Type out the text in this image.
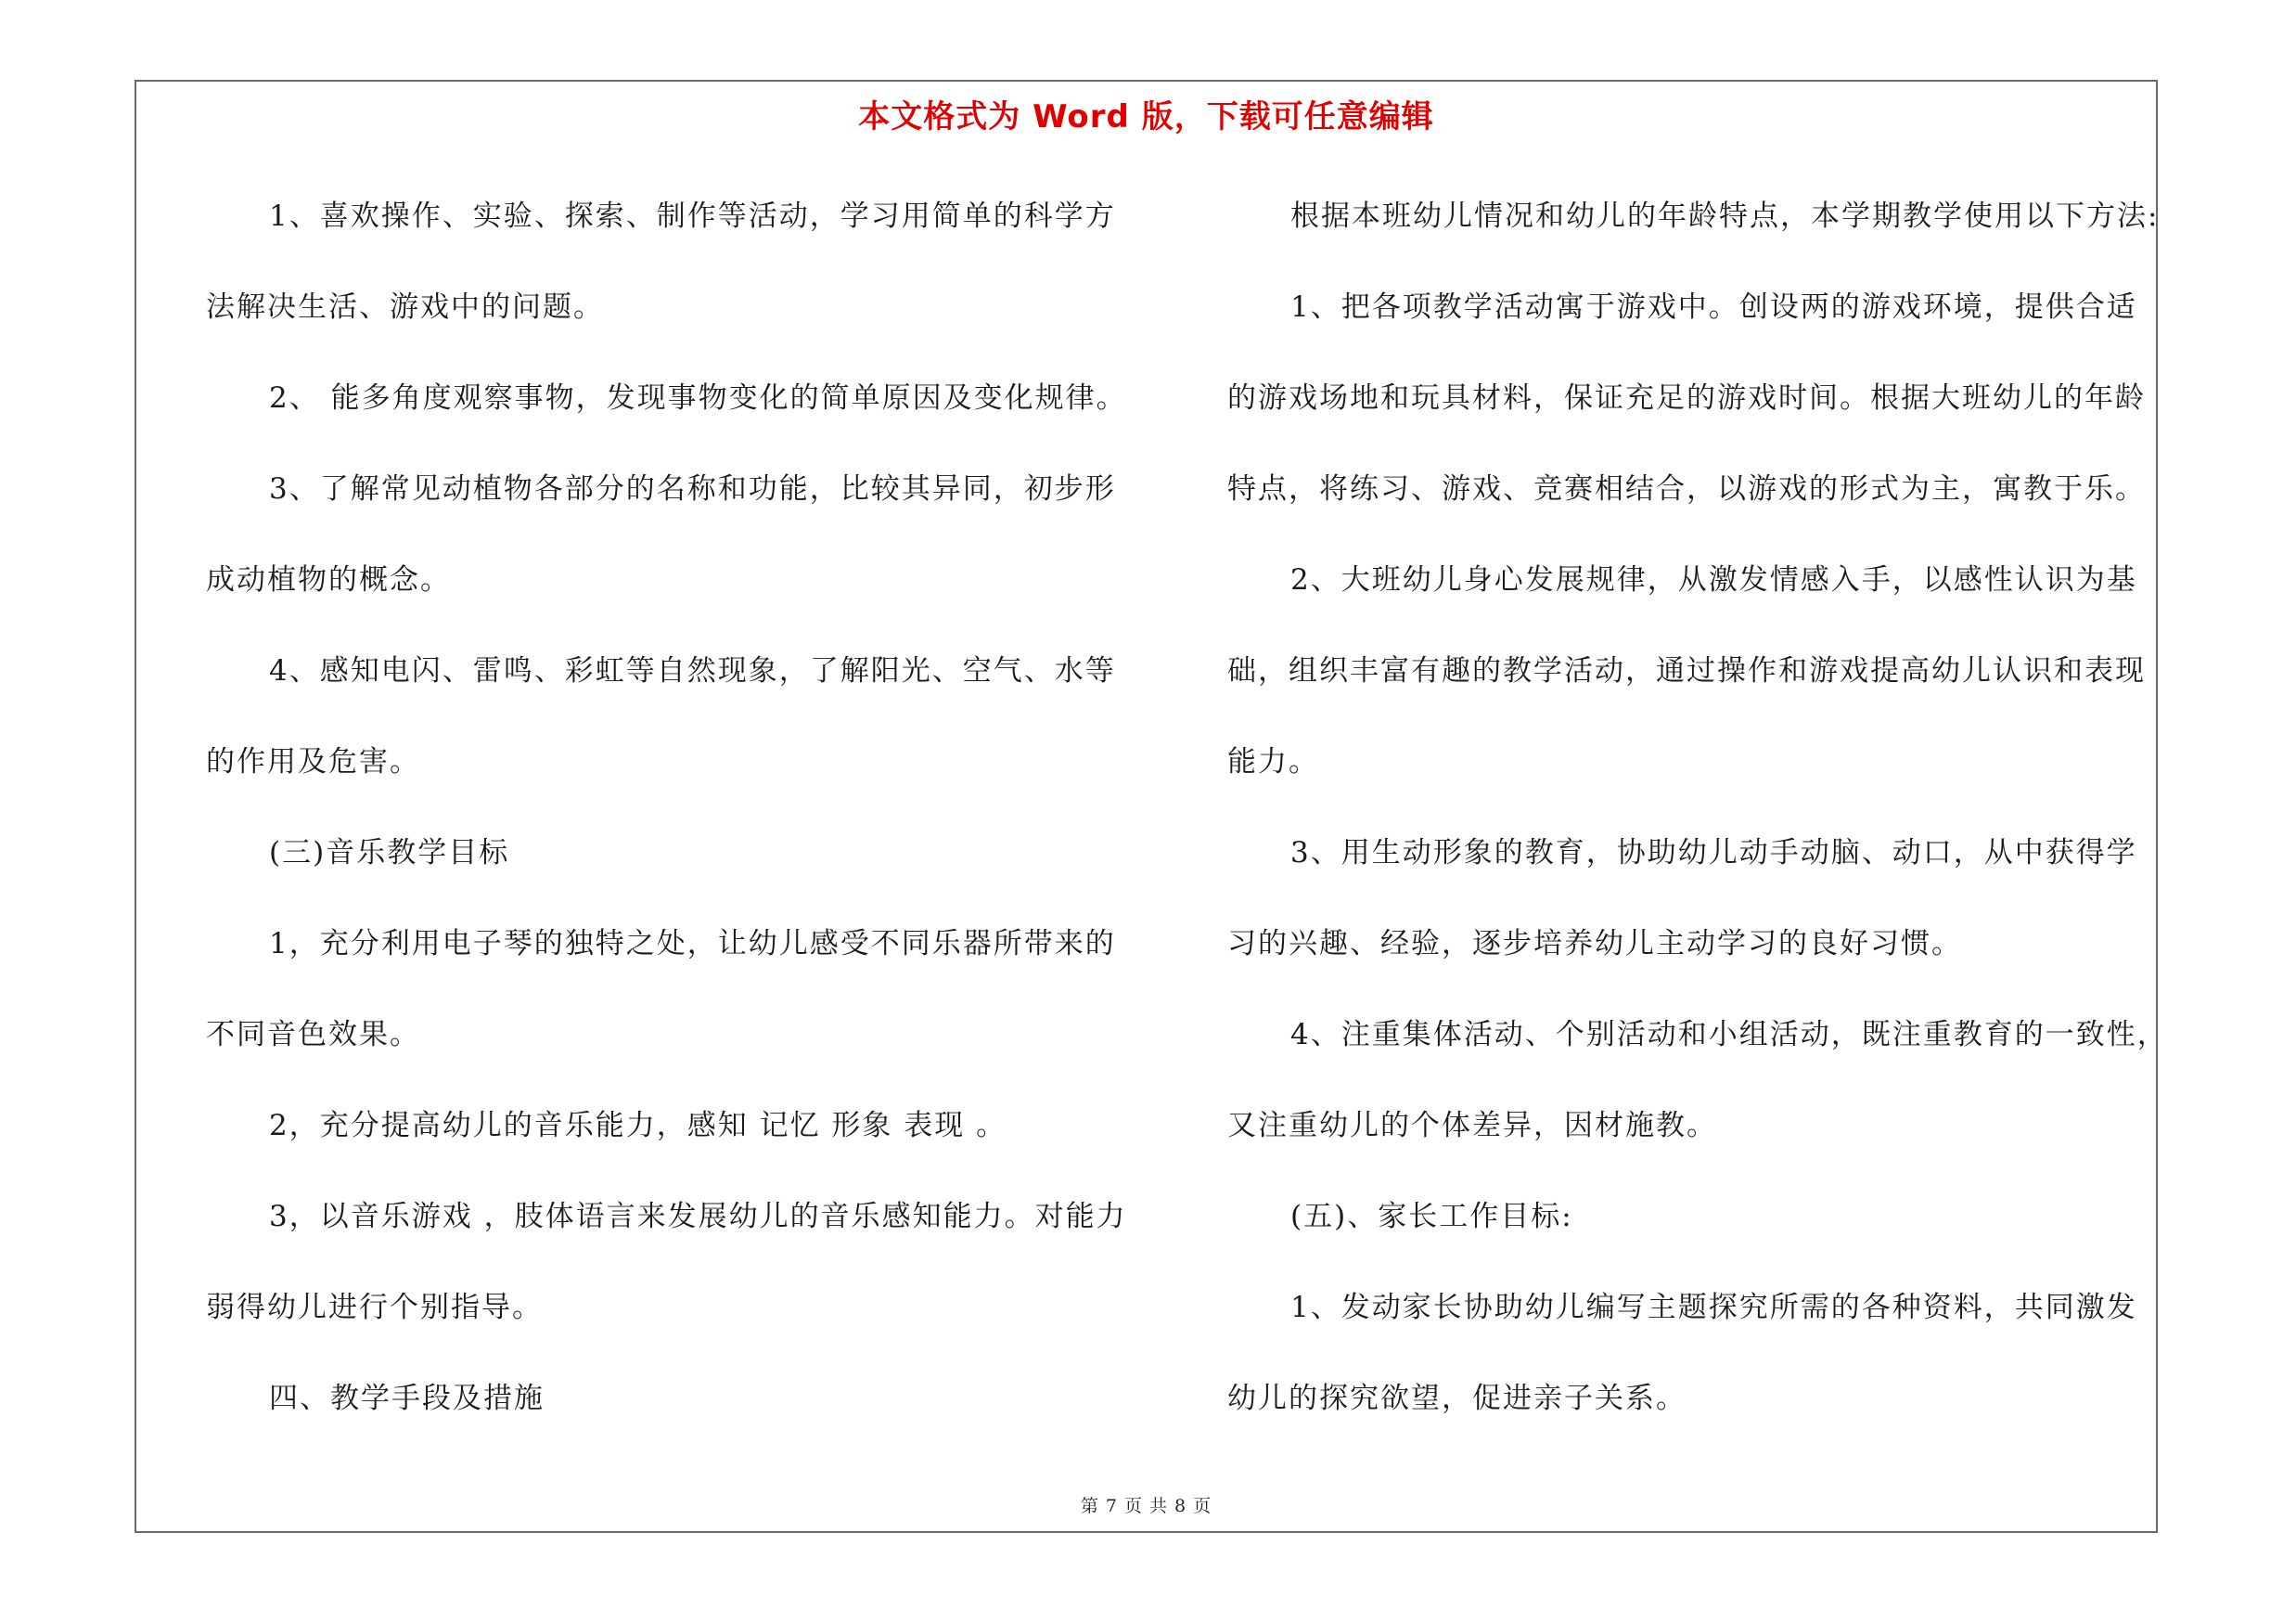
本文格式为 Word 版，下载可任意编辑

1、喜欢操作、实验、探索、制作等活动，学习用简单的科学方

法解决生活、游戏中的问题。

2、 能多角度观察事物，发现事物变化的简单原因及变化规律。

3、了解常见动植物各部分的名称和功能，比较其异同，初步形

成动植物的概念。

4、感知电闪、雷鸣、彩虹等自然现象，了解阳光、空气、水等

的作用及危害。

(三)音乐教学目标

1，充分利用电子琴的独特之处，让幼儿感受不同乐器所带来的

不同音色效果。

2，充分提高幼儿的音乐能力，感知 记忆 形象 表现 。

3，以音乐游戏 ，肢体语言来发展幼儿的音乐感知能力。对能力

弱得幼儿进行个别指导。

四、教学手段及措施

根据本班幼儿情况和幼儿的年龄特点，本学期教学使用以下方法:

1、把各项教学活动寓于游戏中。创设两的游戏环境，提供合适

的游戏场地和玩具材料，保证充足的游戏时间。根据大班幼儿的年龄

特点，将练习、游戏、竞赛相结合，以游戏的形式为主，寓教于乐。

2、大班幼儿身心发展规律，从激发情感入手，以感性认识为基

础，组织丰富有趣的教学活动，通过操作和游戏提高幼儿认识和表现

能力。

3、用生动形象的教育，协助幼儿动手动脑、动口，从中获得学

习的兴趣、经验，逐步培养幼儿主动学习的良好习惯。

4、注重集体活动、个别活动和小组活动，既注重教育的一致性，

又注重幼儿的个体差异，因材施教。

(五)、家长工作目标:

1、发动家长协助幼儿编写主题探究所需的各种资料，共同激发

幼儿的探究欲望，促进亲子关系。

第 7 页 共 8 页
